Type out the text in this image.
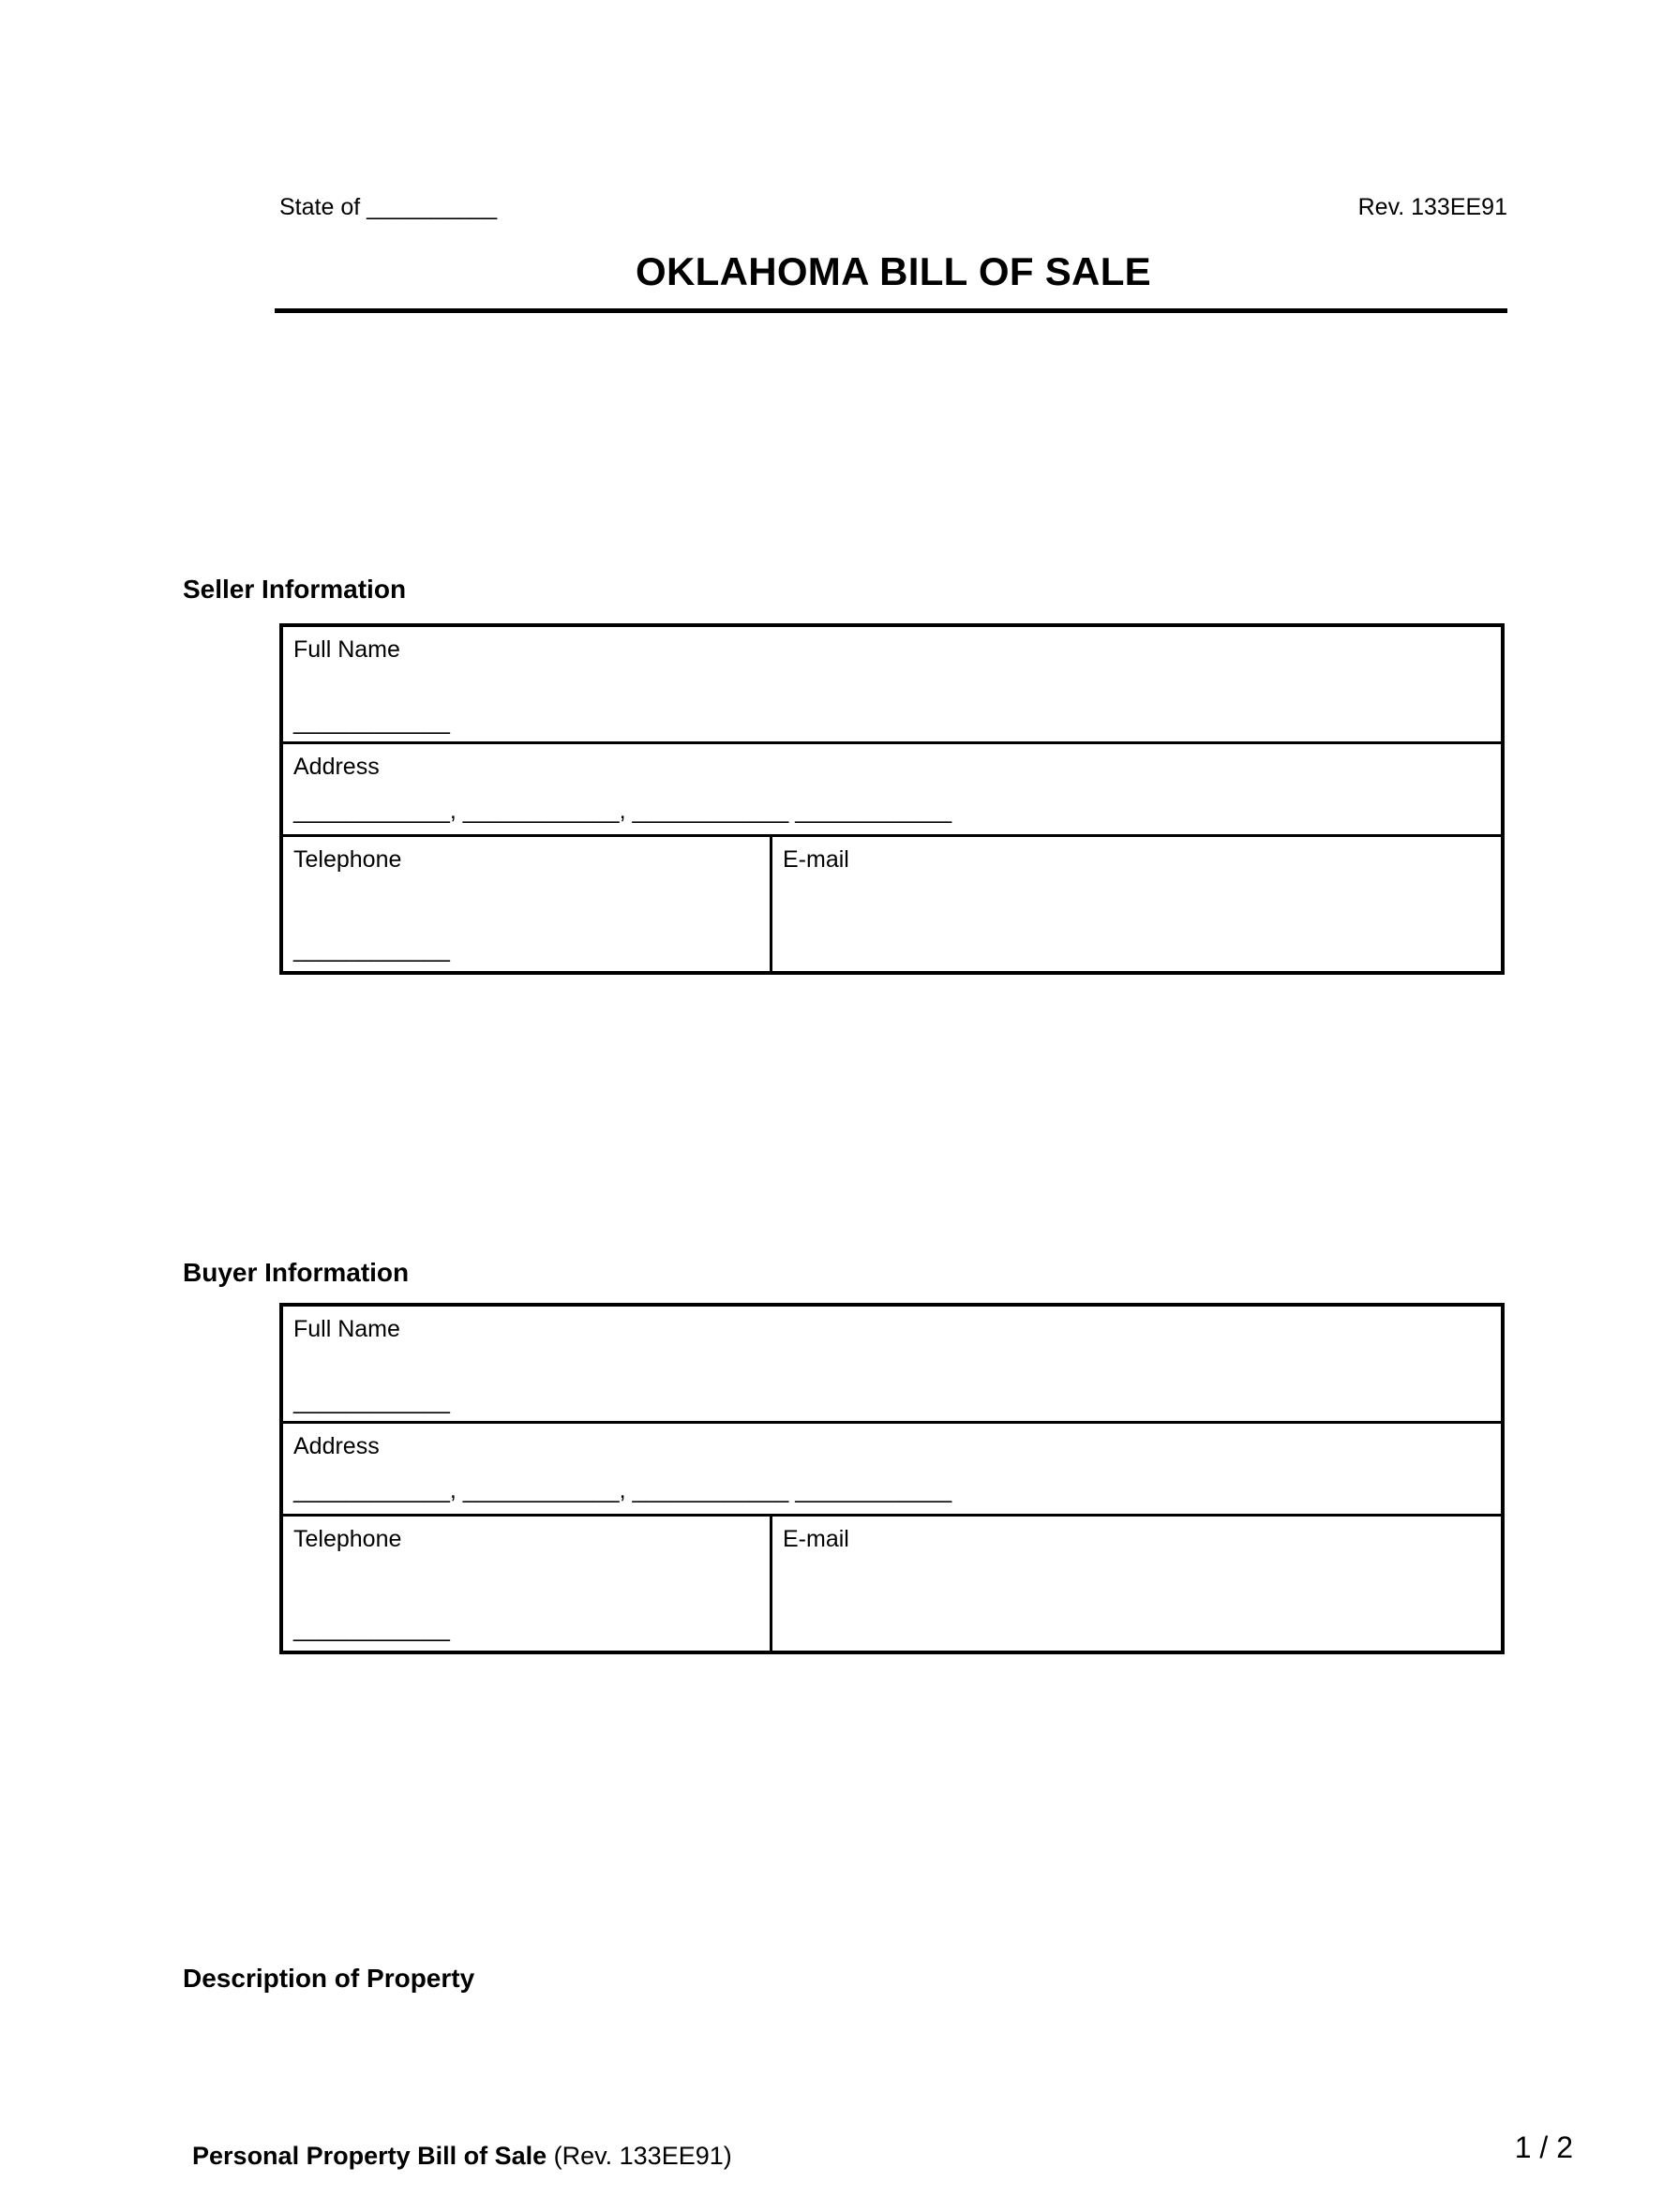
State of __________	Rev. 133EE91
OKLAHOMA BILL OF SALE
Seller Information
Full Name
____________
Address
____________, ____________, ____________ ____________
Telephone
____________
E-mail
Buyer Information
Full Name
____________
Address
____________, ____________, ____________ ____________
Telephone
____________
E-mail
Description of Property

Personal Property Bill of Sale (Rev. 133EE91)
	1 / 2
